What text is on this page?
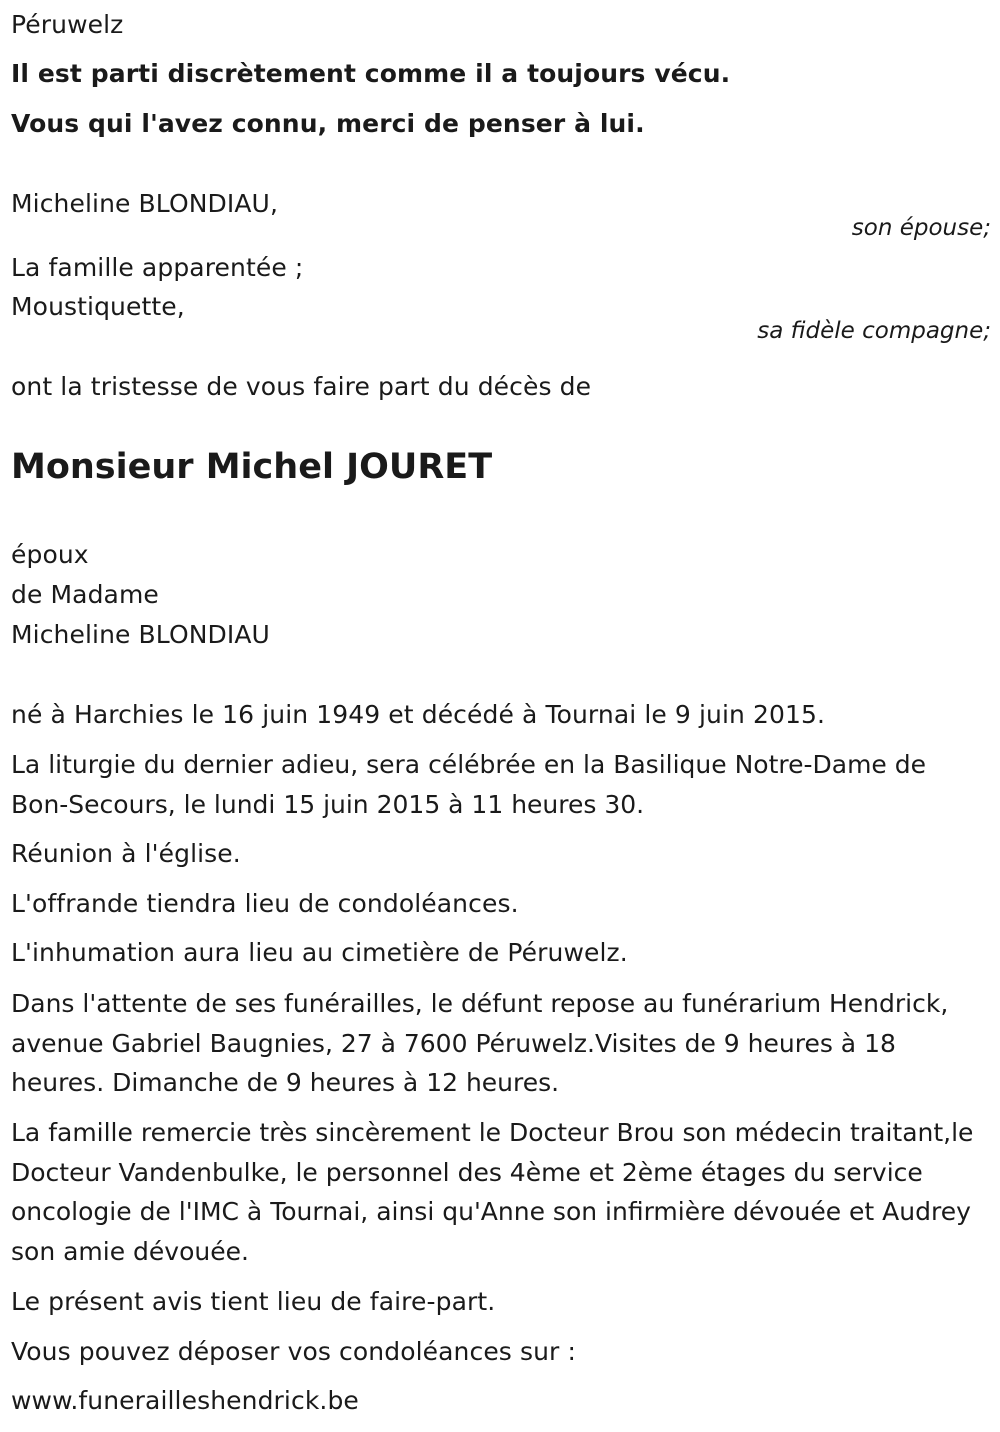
Péruwelz
Il est parti discrètement comme il a toujours vécu.
Vous qui l'avez connu, merci de penser à lui.
Micheline BLONDIAU,
son épouse;
La famille apparentée ;
Moustiquette,
sa fidèle compagne;
ont la tristesse de vous faire part du décès de
Monsieur Michel JOURET
époux
de Madame
Micheline BLONDIAU
né à Harchies le 16 juin 1949 et décédé à Tournai le 9 juin 2015.
La liturgie du dernier adieu, sera célébrée en la Basilique Notre-Dame de Bon-Secours, le lundi 15 juin 2015 à 11 heures 30.
Réunion à l'église.
L'offrande tiendra lieu de condoléances.
L'inhumation aura lieu au cimetière de Péruwelz.
Dans l'attente de ses funérailles, le défunt repose au funérarium Hendrick, avenue Gabriel Baugnies, 27 à 7600 Péruwelz.Visites de 9 heures à 18 heures. Dimanche de 9 heures à 12 heures.
La famille remercie très sincèrement le Docteur Brou son médecin traitant,le Docteur Vandenbulke, le personnel des 4ème et 2ème étages du service oncologie de l'IMC à Tournai, ainsi qu'Anne son infirmière dévouée et Audrey son amie dévouée.
Le présent avis tient lieu de faire-part.
Vous pouvez déposer vos condoléances sur :
www.funerailleshendrick.be
